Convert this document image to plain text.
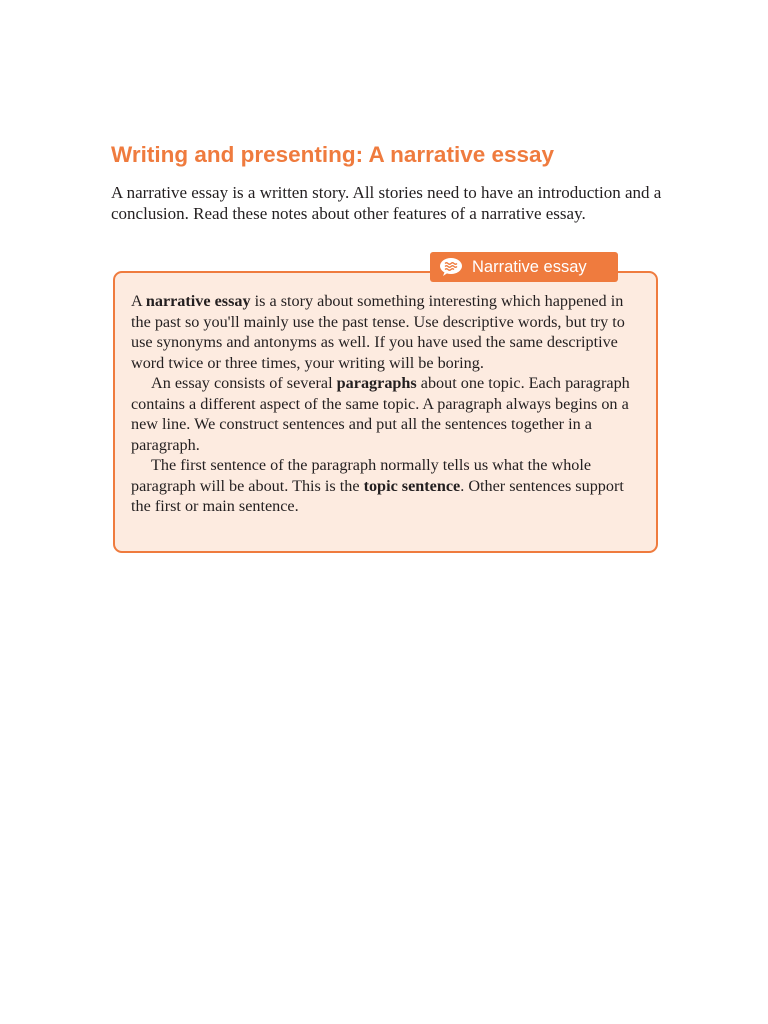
Writing and presenting: A narrative essay

A narrative essay is a written story. All stories need to have an introduction and a conclusion. Read these notes about other features of a narrative essay.

Narrative essay

A narrative essay is a story about something interesting which happened in the past so you'll mainly use the past tense. Use descriptive words, but try to use synonyms and antonyms as well. If you have used the same descriptive word twice or three times, your writing will be boring.

An essay consists of several paragraphs about one topic. Each paragraph contains a different aspect of the same topic. A paragraph always begins on a new line. We construct sentences and put all the sentences together in a paragraph.

The first sentence of the paragraph normally tells us what the whole paragraph will be about. This is the topic sentence. Other sentences support the first or main sentence.
